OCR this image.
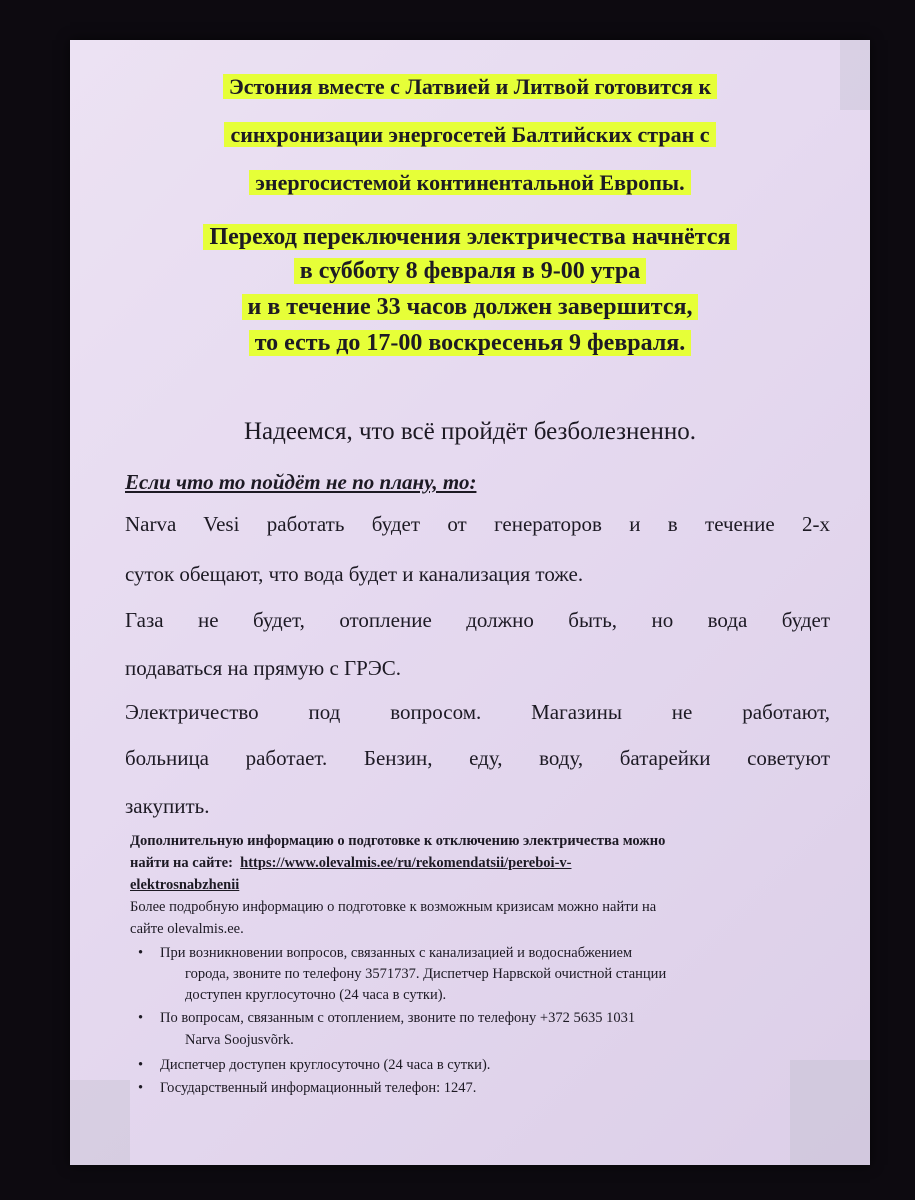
Эстония вместе с Латвией и Литвой готовится к
синхронизации энергосетей Балтийских стран с
энергосистемой континентальной Европы.
Переход переключения электричества начнётся
в субботу 8 февраля в 9-00 утра
и в течение 33 часов должен завершится,
то есть до 17-00 воскресенья 9 февраля.
Надеемся, что всё пройдёт безболезненно.
Если что то пойдёт не по плану, то:
Narva Vesi работать будет от генераторов и в течение 2-х
суток обещают, что вода будет и канализация тоже.
Газа не будет, отопление должно быть, но вода будет
подаваться на прямую с ГРЭС.
Электричество под вопросом. Магазины не работают,
больница работает. Бензин, еду, воду, батарейки советуют
закупить.
Дополнительную информацию о подготовке к отключению электричества можно
найти на сайте: https://www.olevalmis.ee/ru/rekomendatsii/pereboi-v-
elektrosnabzhenii
Более подробную информацию о подготовке к возможным кризисам можно найти на
сайте olevalmis.ee.
• При возникновении вопросов, связанных с канализацией и водоснабжением
города, звоните по телефону 3571737. Диспетчер Нарвской очистной станции
доступен круглосуточно (24 часа в сутки).
• По вопросам, связанным с отоплением, звоните по телефону +372 5635 1031
Narva Soojusvõrk.
• Диспетчер доступен круглосуточно (24 часа в сутки).
• Государственный информационный телефон: 1247.
